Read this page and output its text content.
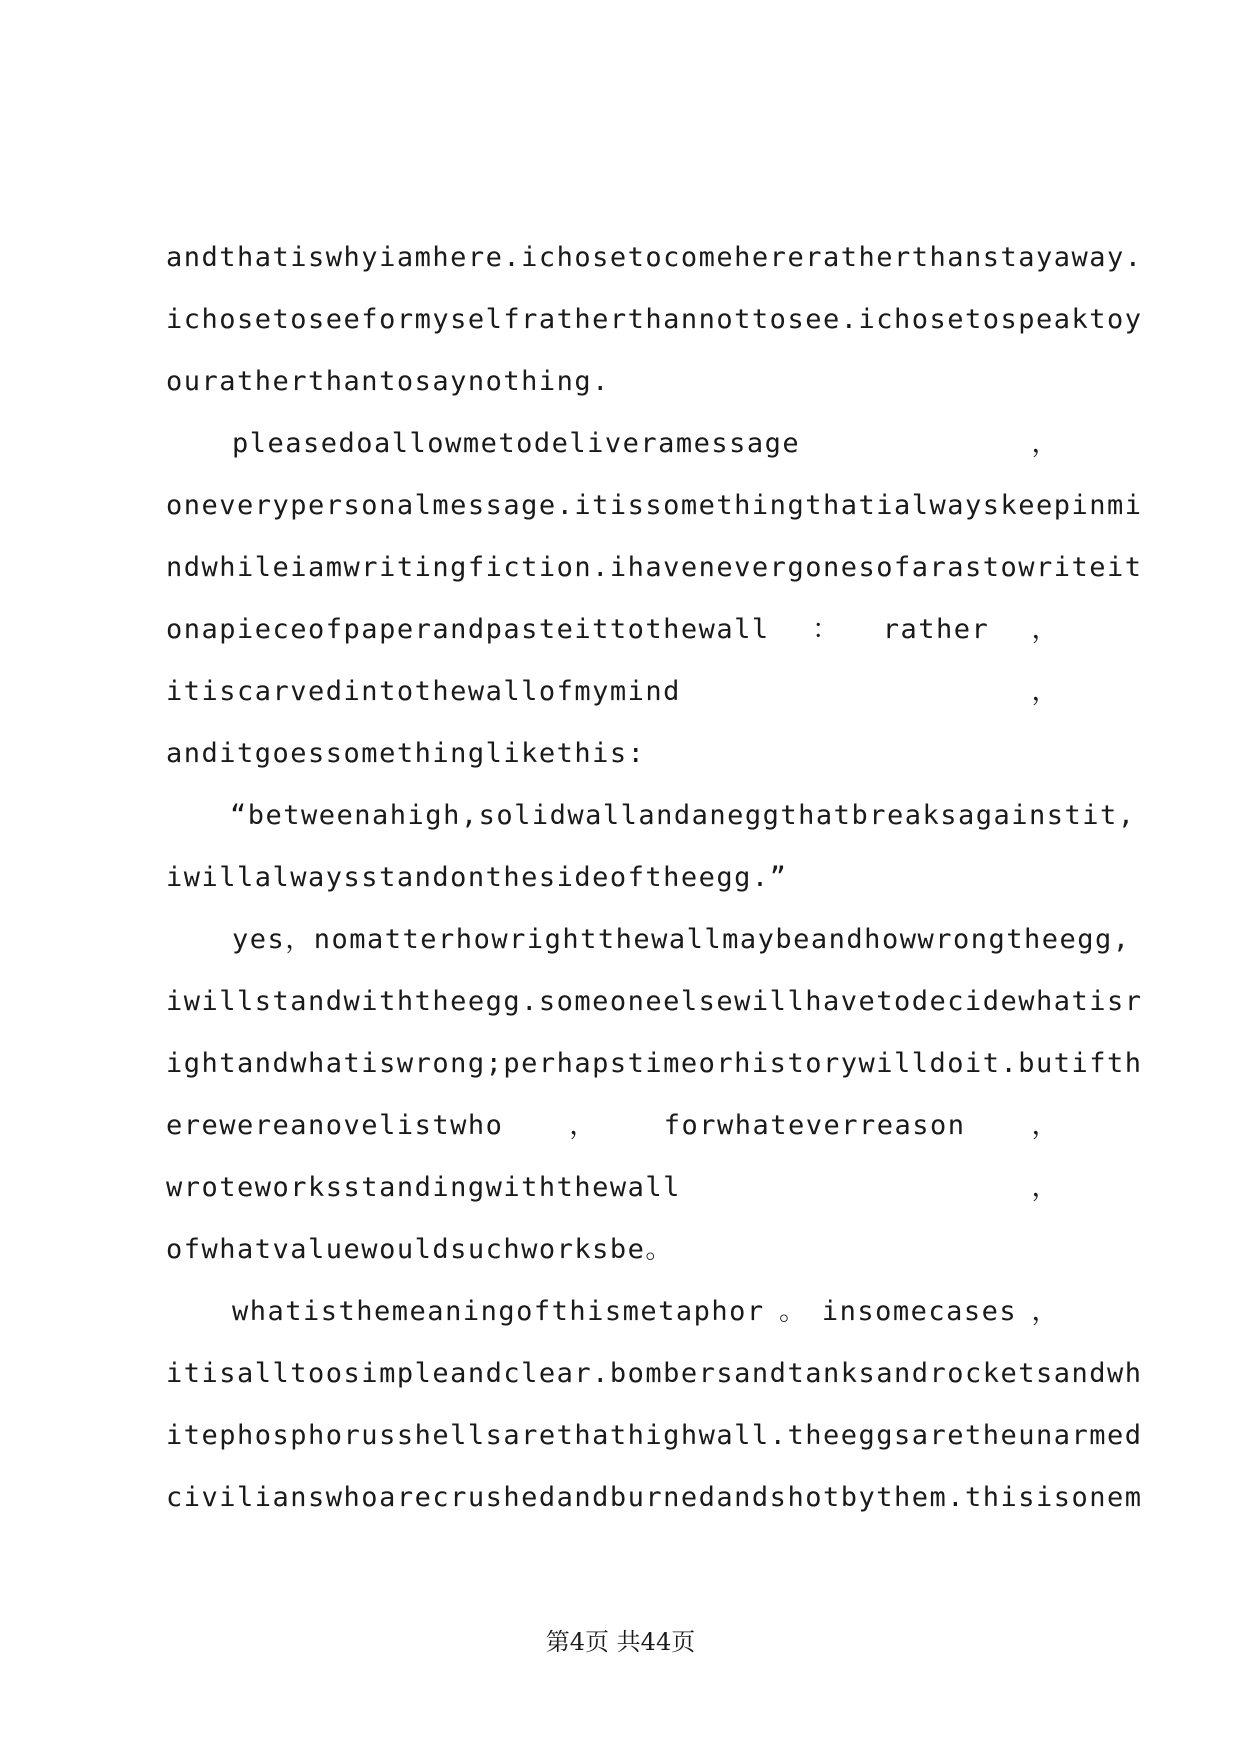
andthatiswhyiamhere.ichosetocomehereratherthanstayaway.
ichosetoseeformyselfratherthannottosee.ichosetospeaktoy
ouratherthantosaynothing.
pleasedoallowmetodeliveramessage	，
oneverypersonalmessage.itissomethingthatialwayskeepinmi
ndwhileiamwritingfiction.ihavenevergonesofarastowriteit
onapieceofpaperandpasteittothewall ： rather ，
itiscarvedintothewallofmymind	，
anditgoessomethinglikethis:
“betweenahigh,solidwallandaneggthatbreaksagainstit,
iwillalwaysstandonthesideoftheegg.”
yes，nomatterhowrightthewallmaybeandhowwrongtheegg,
iwillstandwiththeegg.someoneelsewillhavetodecidewhatisr
ightandwhatiswrong;perhapstimeorhistorywilldoit.butifth
erewereanovelistwho ， forwhateverreason ，
wroteworksstandingwiththewall	，
ofwhatvaluewouldsuchworksbe。
whatisthemeaningofthismetaphor 。 insomecases ，
itisalltoosimpleandclear.bombersandtanksandrocketsandwh
itephosphorusshellsarethathighwall.theeggsaretheunarmed
civilianswhoarecrushedandburnedandshotbythem.thisisonem
第4页 共44页
